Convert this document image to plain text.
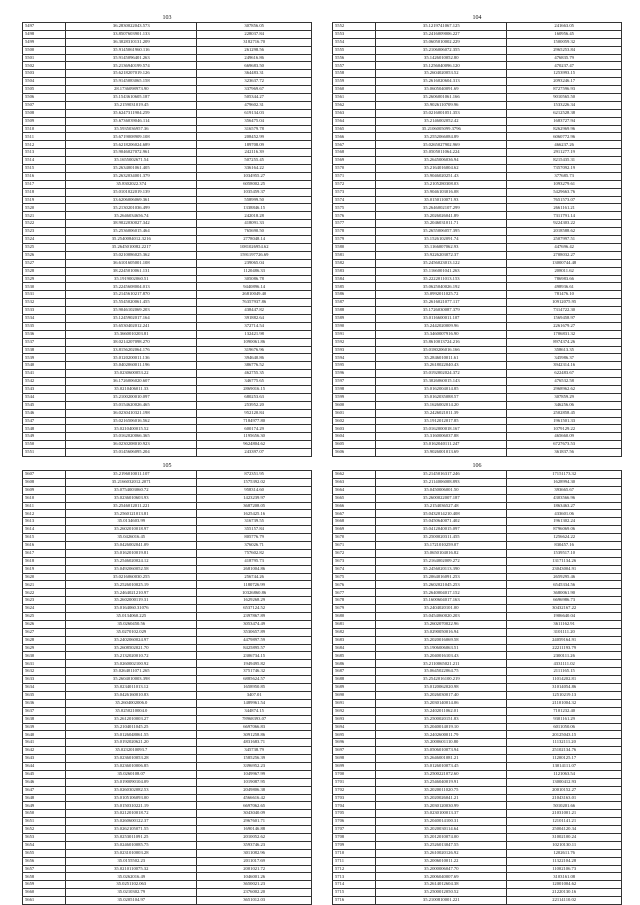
103
5497	36.2830022043.573	307856.05
5498	33.8507603901.133	228037.84
5499	36.3028310131.209	3182716.70
5500	35.9145061960.116	261298.56
5501	35.9145096401.263	249616.86
5502	35.2136940199.574	669683.50
5503	35.6218207019.126	364483.31
5504	35.9145083065.158	323637.72
5505	28.1736098973.90	337969.67
5506	35.1543610605.187	505344.27
5507	35.2159031019.45	479602.31
5508	35.6247311904.259	619134.03
5509	35.6736039046.114	356475.04
5510	35.5935036957.36	316579.78
5511	35.6719008909.108	208452.99
5512	35.6218206024.689	189708.09
5513	35.9046027072.961	242116.39
5514	35.1655002671.54	507255.45
5515	35.2634001061.405	336164.22
5516	35.2632034001.379	1034955.27
5517	35.8302022.374	6058002.25
5518	35.0101022019.139	1035459.37
5519	33.6206006069.361	558999.50
5520	35.2130201036.499	1338846.15
5521	35.2646034656.74	242018.28
5522	38.9022030027.342	418091.33
5523	35.2536006015.464	765690.50
5524	35.2540084012.3216	2778048.14
5525	35.2645010082.2217	1081026954.62
5526	35.0210086025.362	1591197726.69
5527	36.6101605001.108	239065.04
5528	38.2245010061.131	1120486.33
5529	35.1919002060.51	305086.78
5530	35.2245608004.013	9440896.14
5531	35.2145610217.870	26810049.40
5532	35.5545020061.455	76357937.86
5533	35.9046102069.203	438447.82
5534	35.1245902017.164	391882.64
5535	35.6530402012.241	372714.54
5536	35.3660010203.81	132421.98
5537	38.0214207098.270	1090061.86
5538	33.8156202064.176	319676.96
5539	35.0120200011.136	394640.86
5540	35.0402060011.196	386776.52
5541	35.0230600053.22	462755.35
5542	36.1726006020.607	346775.65
5543	35.0210406011.33	2869016.15
5544	35.2100200010.097	680253.63
5545	35.0154620026.465	253952.20
5546	36.0230410321.198	952120.84
5547	35.0216506016.562	7184977.80
5548	35.0210400015.52	600174.29
5549	35.0162020066.365	1195656.30
5550	36.0230208010.923	9624804.62
5551	35.0145606095.204	243397.07
104
5552	35.1219741067.125	241663.05
5553	35.2416009006.227	160956.45
5554	35.0605010002.229	1500059.32
5555	35.2106006072.355	2965253.84
5556	35.1426010052.80	476835.79
5557	35.1256040096.120	470237.47
5558	35.2604020053.52	1253993.15
5559	35.2616020604.313	2093246.17
5560	35.0605040091.69	8727596.93
5561	35.2606001061.166	9010565.50
5562	35.9026110709.96	1533226.34
5563	35.0216001051.353	6212528.38
5564	35.2146002052.42	1683727.94
5565	35.2106005099.3796	8262969.96
5566	35.2552066084.89	6060772.96
5567	35.0265027902.969	466237.26
5568	35.0505011064.224	2911277.19
5569	35.2645006036.94	8215435.31
5570	35.2164016004.62	7357092.19
5571	35.9046020251.43	377685.73
5572	35.2105280308.03	1093279.61
5573	35.9046103016.08	5429663.76
5574	35.0150110071.93	7651573.07
5575	35.2646002107.299	2661161.21
5576	35.2026026041.89	7311791.14
5577	35.2046031011.71	9224303.22
5578	35.2655006057.395	2018588.62
5579	35.1526102091.74	2507997.51
5580	35.1166007062.93	447696.42
5581	35.9226203072.37	2708032.27
5582	35.2456023013.122	13000744.48
5583	35.1166001041.263	208011.62
5584	35.2222011013.153	786983.66
5585	35.0625040026.192	498936.61
5586	35.0992011025.72	781476.10
5587	35.2616021077.117	10912075.95
5588	35.1726030087.379	7314722.30
5589	35.0116600011.107	1569458.97
5590	35.2442020009.96	2261679.27
5591	35.3460007916.90	1706831.32
5592	35.8610013724.216	8974374.26
5593	35.0180206016.166	358613.35
5594	35.2846010011.61	345986.37
5595	35.2618022040.43	3942314.16
5596	35.0192002024.372	622483.67
5597	35.3026060015.143	476532.58
5598	35.0162004014.85	2968962.62
5599	35.0162035088.57	307859.29
5600	35.1626002014.20	346256.06
5601	35.2426021011.39	2502858.45
5602	35.1912012017.85	1961501.33
5603	35.0162000018.167	1079129.22
5604	35.3160006037.88	465660.09
5605	35.0162040111.247	6727673.53
5606	35.9026001013.69	361837.56
105
5607	35.2196010011.107	872351.95
5608	35.2166032012.2071	1575392.02
5609	35.0754003060.72	958314.60
5610	35.0236010603.93	1423239.97
5611	35.2546012011.221	3687208.05
5612	35.2560121013.81	1625425.16
5613	35.0134603.99	316739.55
5614	35.2602010018.97	355157.84
5615	35.0426016.45	805776.79
5616	35.0426002041.09	376026.71
5617	35.0162010019.81	757602.82
5618	35.2546020024.12	418795.73
5619	35.0492060052.58	2681004.86
5620	35.0216060030.255	256744.26
5621	35.2526010025.19	1180726.99
5622	35.2464021210.97	10326860.86
5623	35.2602000119.31	1629268.29
5624	35.0164060.31076	6537124.52
5625	35.0134060.225	2397867.89
5626	35.0260450.56	3053474.49
5627	35.0270102.029	3530657.89
5628	35.2402060024.97	4479897.59
5629	35.2608502021.70	8425895.57
5630	35.2132020010.72	2306734.15
5631	35.0260002100.92	1949495.82
5632	35.0264011071.265	3751746.32
5633	35.2604010003.398	6885624.57
5634	35.0234011013.12	1658950.85
5635	35.0426160010.83	3407.01
5636	35.2604002006.0	1489961.54
5637	35.0250210004.0	344874.15
5638	35.2612010003.27	78968393.07
5639	35.2104011045.25	6697066.83
5640	35.0126048061.55	3091258.86
5641	35.0192020621.20	4831683.71
5642	35.0232010093.7	345738.79
5643	35.0236010053.28	1585256.39
5644	35.0236010006.85	3396952.23
5645	35.0260108.07	1049967.99
5646	35.0190090104.09	1019087.95
5647	35.0260302082.53	2049806.38
5648	35.0105106093.00	4566616.42
5649	35.0150310221.19	6697062.65
5650	35.0212010018.72	3043040.09
5651	35.0260600122.37	2967601.71
5652	35.0262105071.55	1690146.88
5653	35.0253011091.25	2010052.62
5654	35.0246010085.75	3593746.23
5655	35.0231010003.28	3011082.96
5656	35.0155502.23	2011017.69
5657	35.0210110075.32	2001021.72
5658	35.0262016.49	1046001.26
5659	35.0251102.063	3650021.23
5660	35.0210302.79	2376002.20
5661	35.0205104.97	3651012.03
106
5662	35.2145016317.246	17151173.32
5663	35.2114006008.893	1628994.30
5664	35.0450006001.50	393665.67
5665	35.2600022007.187	4303566.96
5666	35.2154036527.48	1863463.27
5667	35.0432014210.408	433601.06
5668	35.0450640071.402	1961302.24
5669	35.0412040015.097	8796069.06
5670	35.2500020311.455	1256624.22
5671	35.1721010259.07	830457.16
5672	35.0650104016.82	1539517.10
5673	35.2164002009.272	13171134.26
5674	35.2456020113.390	23043004.91
5675	35.2064016091.253	2659295.46
5676	35.2602021045.253	6545334.56
5677	35.2640004017.152	3680061.90
5678	35.1600604017.163	6696986.73
5679	35.2404020101.00	30432167.22
5680	35.0454060020.203	1906640.04
5681	35.2602070022.96	3611162.91
5682	35.0290050016.94	3101111.20
5683	35.2020016069.58	24059164.91
5684	35.1906006063.51	22211193.79
5685	35.2040016103.43	2300111.26
5686	35.2110065021.211	4331111.02
5687	35.0645022064.75	2111165.15
5688	35.2542016100.219	11014202.81
5689	35.0120062020.98	31014054.86
5690	35.2026030017.40	12510219.13
5691	35.2030140014.06	21101004.32
5692	35.2402011062.01	7101232.40
5693	35.2500020151.83	9301161.29
5694	35.2040014019.10	6011050.06
5695	35.2402600011.79	20125043.15
5696	35.2000601110.80	11132111.20
5697	35.0506010073.94	25102134.76
5698	35.2646001081.21	11200125.17
5699	35.0126010073.45	13014111.07
5700	35.2500221072.60	1121063.54
5701	35.2546040019.91	13000412.93
5702	35.2020011020.75	20010152.27
5703	35.2020026041.21	21043163.01
5704	35.2030120030.99	5010201.66
5705	35.0230100013.37	21031001.21
5706	35.2040014100.31	12101141.21
5707	35.2020030114.64	25004120.34
5708	35.2012010074.00	31002100.24
5709	35.2526013047.55	10210130.11
5710	35.2610020126.92	1202611.76
5711	35.2006010011.22	11322104.28
5712	35.2000006047.70	11002106.73
5713	35.2006040007.69	3103161.08
5714	35.2614012604.38	12001004.62
5715	35.2500012050.52	21220130.16
5716	35.2100810001.221	22114110.02
